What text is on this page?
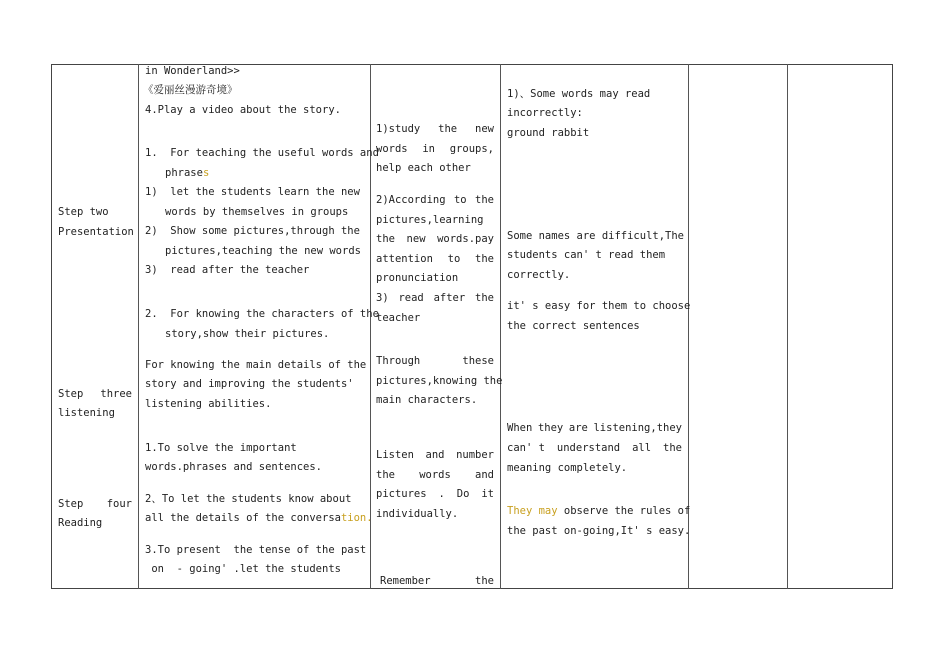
Step two
Presentation
Step three
listening
Step four
Reading
in Wonderland>>
《爱丽丝漫游奇境》
4.Play a video about the story.
1.  For teaching the useful words and
phrases
1)  let the students learn the new
words by themselves in groups
2)  Show some pictures,through the
pictures,teaching the new words
3)  read after the teacher
2.  For knowing the characters of the
story,show their pictures.
For knowing the main details of the
story and improving the students'
listening abilities.
1.To solve the important
words.phrases and sentences.
2、To let the students know about
all the details of the conversation.
3.To present  the tense of the past
on  - going' .let the students
1)study the new
words in groups,
help each other
2)According to the
pictures,learning
the new words.pay
attention to the
pronunciation
3) read after the
teacher
Through	these
pictures,knowing the
main characters.
Listen and number
the words and
pictures . Do it
individually.
Remember	the
1)、Some words may read
incorrectly:
ground rabbit
Some names are difficult,The
students can' t read them
correctly.
it' s easy for them to choose
the correct sentences
When they are listening,they
can' t understand all the
meaning completely.
They may observe the rules of
the past on-going,It' s easy.
